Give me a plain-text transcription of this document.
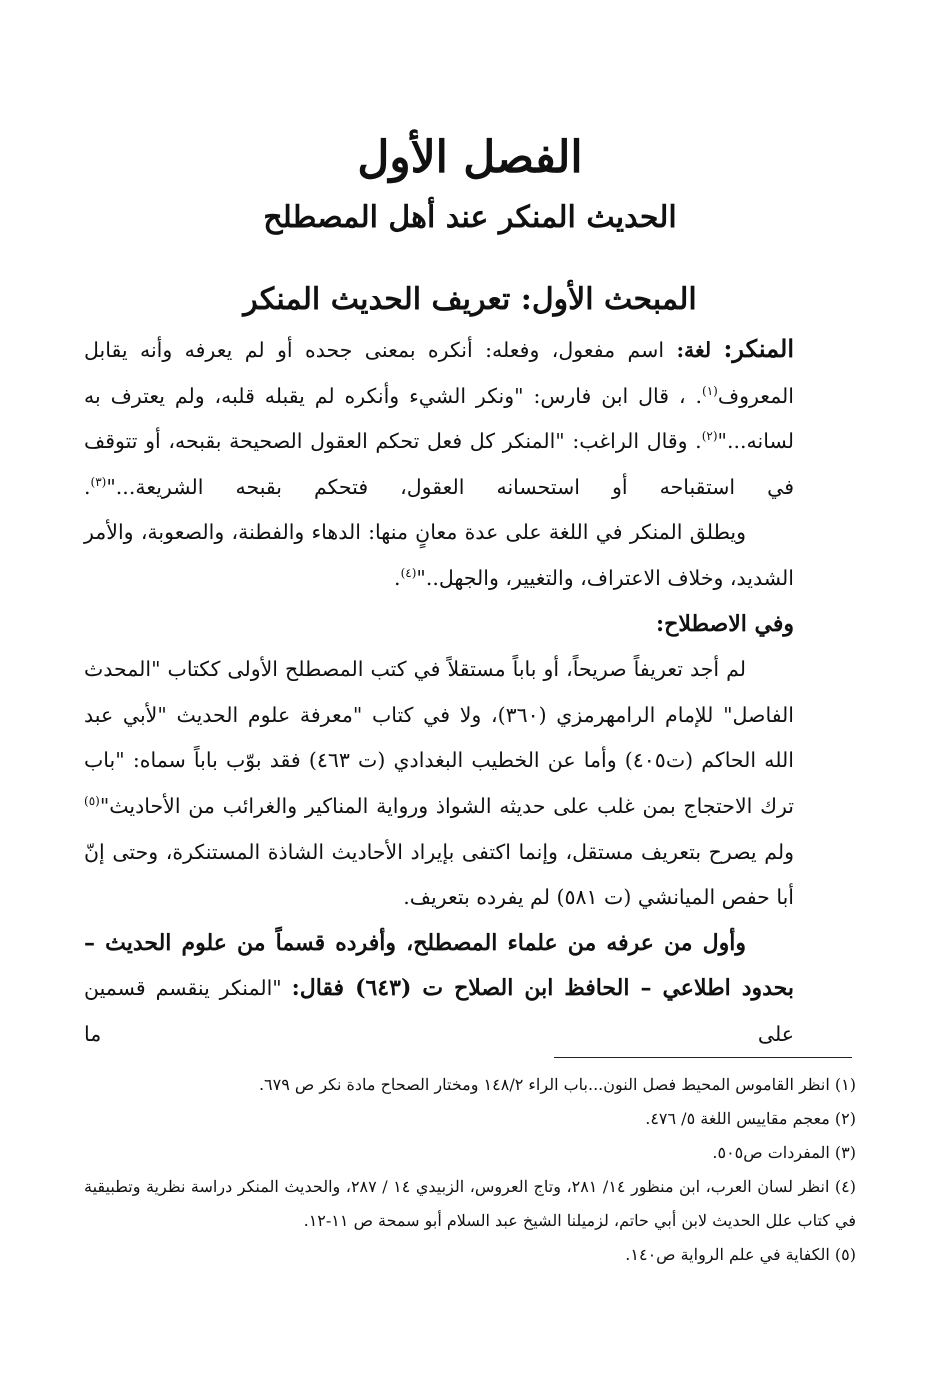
الفصل الأول
الحديث المنكر عند أهل المصطلح
المبحث الأول: تعريف الحديث المنكر

المنكر: لغة: اسم مفعول، وفعله: أنكره بمعنى جحده أو لم يعرفه وأنه يقابل المعروف$^{(١)}$. ، قال ابن فارس: "ونكر الشيء وأنكره لم يقبله قلبه، ولم يعترف به لسانه..."$^{(٢)}$. وقال الراغب: "المنكر كل فعل تحكم العقول الصحيحة بقبحه، أو تتوقف في استقباحه أو استحسانه العقول، فتحكم بقبحه الشريعة..."$^{(٣)}$.

ويطلق المنكر في اللغة على عدة معانٍ منها: الدهاء والفطنة، والصعوبة، والأمر الشديد، وخلاف الاعتراف، والتغيير، والجهل.."$^{(٤)}$.

وفي الاصطلاح:

لم أجد تعريفاً صريحاً، أو باباً مستقلاً في كتب المصطلح الأولى ككتاب "المحدث الفاصل" للإمام الرامهرمزي (٣٦٠)، ولا في كتاب "معرفة علوم الحديث "لأبي عبد الله الحاكم (ت٤٠٥) وأما عن الخطيب البغدادي (ت ٤٦٣) فقد بوّب باباً سماه: "باب ترك الاحتجاج بمن غلب على حديثه الشواذ ورواية المناكير والغرائب من الأحاديث"$^{(٥)}$ ولم يصرح بتعريف مستقل، وإنما اكتفى بإيراد الأحاديث الشاذة المستنكرة، وحتى إنّ أبا حفص الميانشي (ت ٥٨١) لم يفرده بتعريف.

وأول من عرفه من علماء المصطلح، وأفرده قسماً من علوم الحديث – بحدود اطلاعي – الحافظ ابن الصلاح ت (٦٤٣) فقال: "المنكر ينقسم قسمين على ما

(١) انظر القاموس المحيط فصل النون...باب الراء ١٤٨/٢ ومختار الصحاح مادة نكر ص ٦٧٩.

(٢) معجم مقاييس اللغة ٥/ ٤٧٦.

(٣) المفردات ص٥٠٥.

(٤) انظر لسان العرب، ابن منظور ١٤/ ٢٨١، وتاج العروس، الزبيدي ١٤ / ٢٨٧، والحديث المنكر دراسة نظرية وتطبيقية في كتاب علل الحديث لابن أبي حاتم، لزميلنا الشيخ عبد السلام أبو سمحة ص ١١-١٢.

(٥) الكفاية في علم الرواية ص١٤٠.
